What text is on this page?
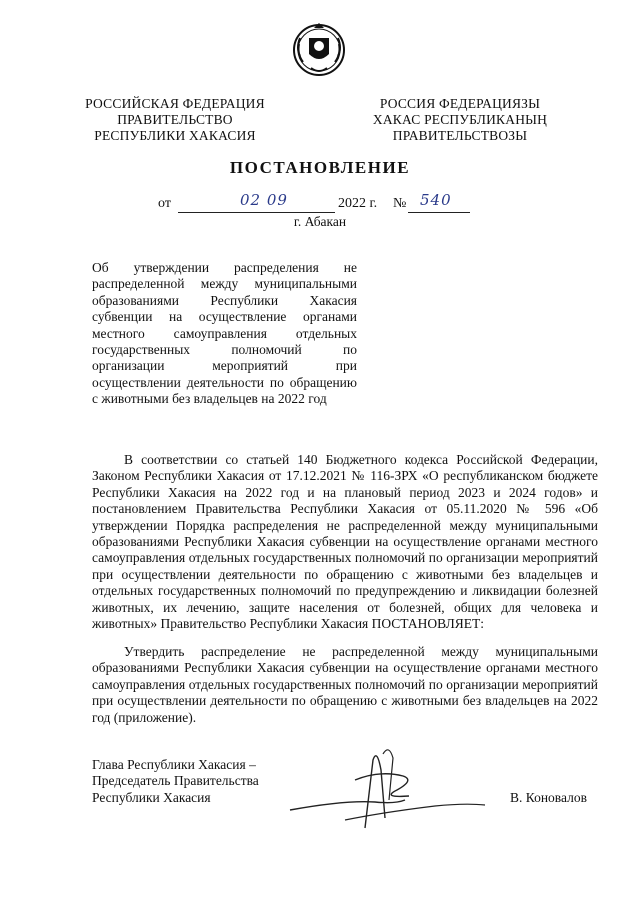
РОССИЙСКАЯ ФЕДЕРАЦИЯ
ПРАВИТЕЛЬСТВО
РЕСПУБЛИКИ ХАКАСИЯ
РОССИЯ ФЕДЕРАЦИЯЗЫ
ХАКАС РЕСПУБЛИКАНЫҢ
ПРАВИТЕЛЬСТВОЗЫ
ПОСТАНОВЛЕНИЕ
от	02 09	2022 г. № 540
г. Абакан
Об утверждении распределения не распределенной между муниципальными образованиями Республики Хакасия субвенции на осуществление органами местного самоуправления отдельных государственных полномочий по организации мероприятий при осуществлении деятельности по обращению с животными без владельцев на 2022 год

В соответствии со статьей 140 Бюджетного кодекса Российской Федерации, Законом Республики Хакасия от 17.12.2021 № 116-ЗРХ «О республиканском бюджете Республики Хакасия на 2022 год и на плановый период 2023 и 2024 годов» и постановлением Правительства Республики Хакасия от 05.11.2020 № 596 «Об утверждении Порядка распределения не распределенной между муниципальными образованиями Республики Хакасия субвенции на осуществление органами местного самоуправления отдельных государственных полномочий по организации мероприятий при осуществлении деятельности по обращению с животными без владельцев и отдельных государственных полномочий по предупреждению и ликвидации болезней животных, их лечению, защите населения от болезней, общих для человека и животных» Правительство Республики Хакасия ПОСТАНОВЛЯЕТ:

Утвердить распределение не распределенной между муниципальными образованиями Республики Хакасия субвенции на осуществление органами местного самоуправления отдельных государственных полномочий по организации мероприятий при осуществлении деятельности по обращению с животными без владельцев на 2022 год (приложение).

Глава Республики Хакасия –
Председатель Правительства
Республики Хакасия	В. Коновалов
